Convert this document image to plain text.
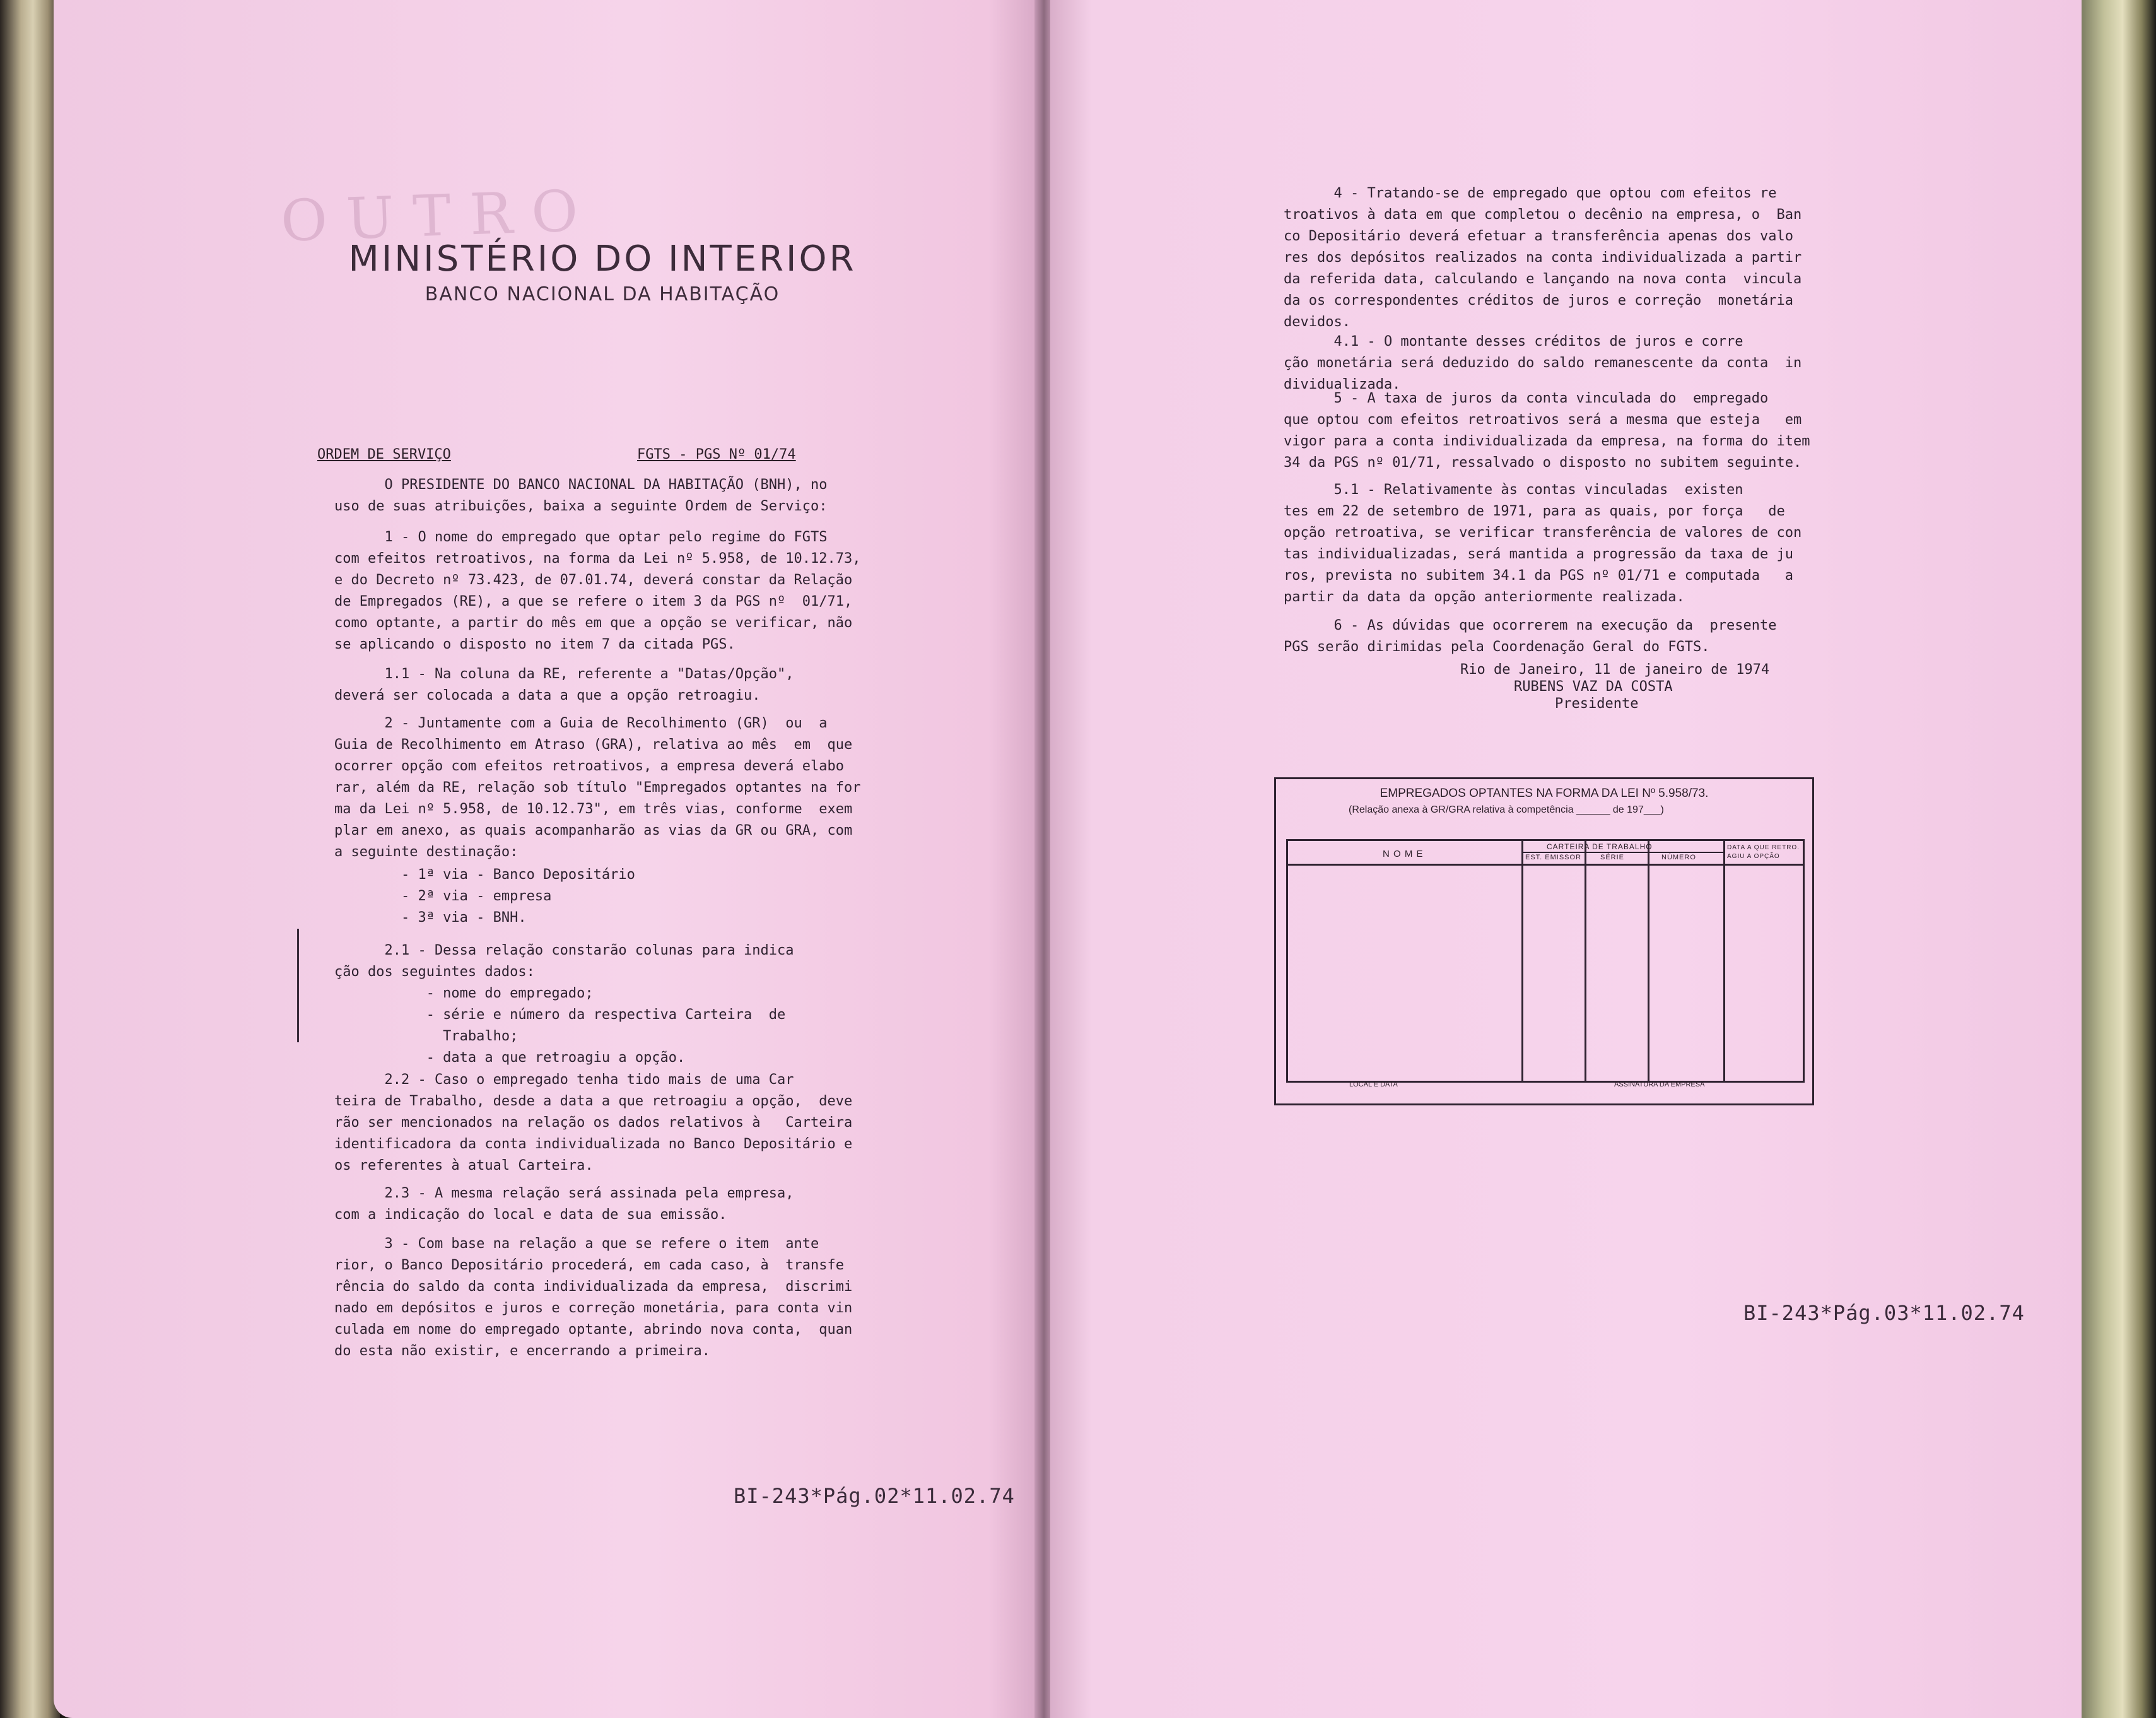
OUTRO
MINISTÉRIO DO INTERIOR
BANCO NACIONAL DA HABITAÇÃO
ORDEM DE SERVIÇO	FGTS - PGS Nº 01/74
O PRESIDENTE DO BANCO NACIONAL DA HABITAÇÃO (BNH), no
uso de suas atribuições, baixa a seguinte Ordem de Serviço:
1 - O nome do empregado que optar pelo regime do FGTS
com efeitos retroativos, na forma da Lei nº 5.958, de 10.12.73,
e do Decreto nº 73.423, de 07.01.74, deverá constar da Relação
de Empregados (RE), a que se refere o item 3 da PGS nº  01/71,
como optante, a partir do mês em que a opção se verificar, não
se aplicando o disposto no item 7 da citada PGS.
1.1 - Na coluna da RE, referente a "Datas/Opção",
deverá ser colocada a data a que a opção retroagiu.
2 - Juntamente com a Guia de Recolhimento (GR)  ou  a
Guia de Recolhimento em Atraso (GRA), relativa ao mês  em  que
ocorrer opção com efeitos retroativos, a empresa deverá elabo
rar, além da RE, relação sob título "Empregados optantes na for
ma da Lei nº 5.958, de 10.12.73", em três vias, conforme  exem
plar em anexo, as quais acompanharão as vias da GR ou GRA, com
a seguinte destinação:
- 1ª via - Banco Depositário
- 2ª via - empresa
- 3ª via - BNH.
2.1 - Dessa relação constarão colunas para indica
ção dos seguintes dados:
- nome do empregado;
- série e número da respectiva Carteira  de
Trabalho;
- data a que retroagiu a opção.
2.2 - Caso o empregado tenha tido mais de uma Car
teira de Trabalho, desde a data a que retroagiu a opção,  deve
rão ser mencionados na relação os dados relativos à   Carteira
identificadora da conta individualizada no Banco Depositário e
os referentes à atual Carteira.
2.3 - A mesma relação será assinada pela empresa,
com a indicação do local e data de sua emissão.
3 - Com base na relação a que se refere o item  ante
rior, o Banco Depositário procederá, em cada caso, à  transfe
rência do saldo da conta individualizada da empresa,  discrimi
nado em depósitos e juros e correção monetária, para conta vin
culada em nome do empregado optante, abrindo nova conta,  quan
do esta não existir, e encerrando a primeira.
BI-243*Pág.02*11.02.74
4 - Tratando-se de empregado que optou com efeitos re
troativos à data em que completou o decênio na empresa, o  Ban
co Depositário deverá efetuar a transferência apenas dos valo
res dos depósitos realizados na conta individualizada a partir
da referida data, calculando e lançando na nova conta  vincula
da os correspondentes créditos de juros e correção  monetária
devidos.
4.1 - O montante desses créditos de juros e corre
ção monetária será deduzido do saldo remanescente da conta  in
dividualizada.
5 - A taxa de juros da conta vinculada do  empregado
que optou com efeitos retroativos será a mesma que esteja   em
vigor para a conta individualizada da empresa, na forma do item
34 da PGS nº 01/71, ressalvado o disposto no subitem seguinte.
5.1 - Relativamente às contas vinculadas  existen
tes em 22 de setembro de 1971, para as quais, por força   de
opção retroativa, se verificar transferência de valores de con
tas individualizadas, será mantida a progressão da taxa de ju
ros, prevista no subitem 34.1 da PGS nº 01/71 e computada   a
partir da data da opção anteriormente realizada.
6 - As dúvidas que ocorrerem na execução da  presente
PGS serão dirimidas pela Coordenação Geral do FGTS.
Rio de Janeiro, 11 de janeiro de 1974
RUBENS VAZ DA COSTA
Presidente
BI-243*Pág.03*11.02.74
EMPREGADOS OPTANTES NA FORMA DA LEI Nº 5.958/73.
(Relação anexa à GR/GRA relativa à competência ______ de 197___)
N O M E
CARTEIRA DE TRABALHO
EST. EMISSOR	SÉRIE	NÚMERO
DATA A QUE RETRO. AGIU A OPÇÃO
LOCAL E DATA	ASSINATURA DA EMPRESA
